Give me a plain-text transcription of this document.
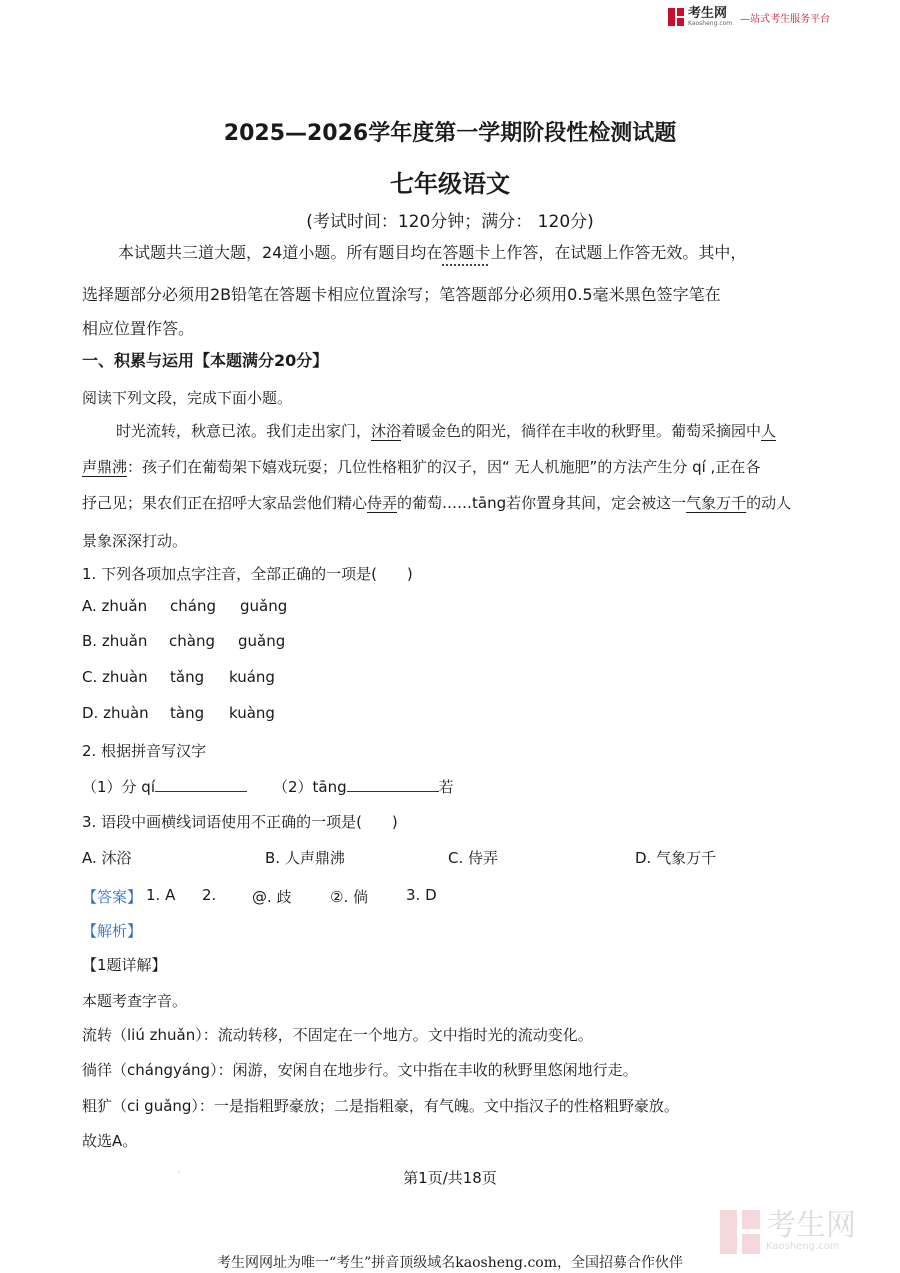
考生网
Kaosheng.com —站式考生服务平台
2025—2026学年度第一学期阶段性检测试题
七年级语文
(考试时间：120分钟；满分： 120分)
本试题共三道大题，24道小题。所有题目均在答题卡上作答，在试题上作答无效。其中，
选择题部分必须用2B铅笔在答题卡相应位置涂写；笔答题部分必须用0.5毫米黑色签字笔在
相应位置作答。
一、积累与运用【本题满分20分】
阅读下列文段，完成下面小题。
时光流转，秋意已浓。我们走出家门，沐浴着暖金色的阳光，徜徉在丰收的秋野里。葡萄采摘园中人
声鼎沸：孩子们在葡萄架下嬉戏玩耍；几位性格粗犷的汉子，因“ 无人机施肥”的方法产生分 qí ,正在各
抒己见；果农们正在招呼大家品尝他们精心侍弄的葡萄……tāng若你置身其间，定会被这一气象万千的动人
景象深深打动。
1. 下列各项加点字注音，全部正确的一项是(　　)
A. zhuǎn cháng guǎng
B. zhuǎn chàng guǎng
C. zhuàn tǎng kuáng
D. zhuàn tàng kuàng
2. 根据拼音写汉字
（1）分 qí	（2）tāng	若
3. 语段中画横线词语使用不正确的一项是(　　)
A. 沐浴	B. 人声鼎沸	C. 侍弄	D. 气象万千
【答案】 1. A 2. @. 歧	②. 倘	3. D
【解析】
【1题详解】
本题考查字音。
流转（liú zhuǎn）：流动转移，不固定在一个地方。文中指时光的流动变化。
徜徉（chángyáng）：闲游，安闲自在地步行。文中指在丰收的秋野里悠闲地行走。
粗犷（ci guǎng）：一是指粗野豪放；二是指粗豪，有气魄。文中指汉子的性格粗野豪放。
故选A。
·	第1页/共18页
考生网
Kaosheng.com
考生网网址为唯一“考生”拼音顶级域名kaosheng.com，全国招募合作伙伴
